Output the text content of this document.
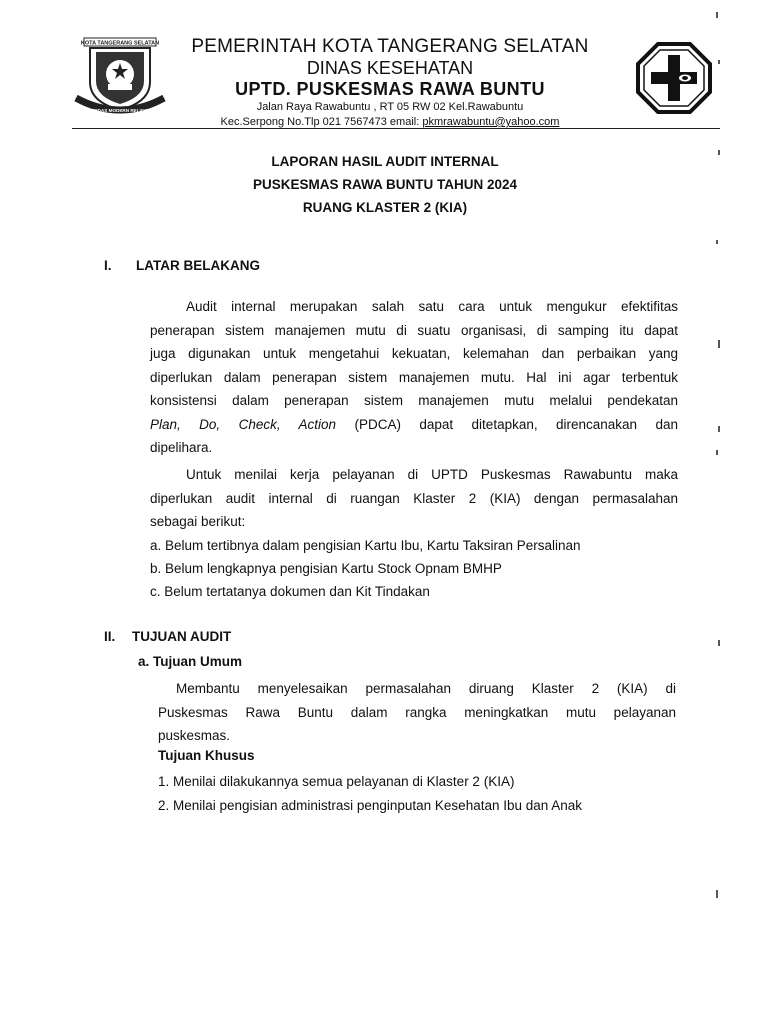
KOTA TANGERANG SELATAN
CERDAS MODERN RELIGIUS
PEMERINTAH KOTA TANGERANG SELATAN
DINAS KESEHATAN
UPTD. PUSKESMAS RAWA BUNTU
Jalan Raya Rawabuntu , RT 05 RW 02 Kel.Rawabuntu
Kec.Serpong No.Tlp 021 7567473 email: pkmrawabuntu@yahoo.com
LAPORAN HASIL AUDIT INTERNAL
PUSKESMAS RAWA BUNTU TAHUN 2024
RUANG KLASTER 2 (KIA)
I. LATAR BELAKANG
Audit internal merupakan salah satu cara untuk mengukur efektifitas
penerapan sistem manajemen mutu di suatu organisasi, di samping itu dapat
juga digunakan untuk mengetahui kekuatan, kelemahan dan perbaikan yang
diperlukan dalam penerapan sistem manajemen mutu. Hal ini agar terbentuk
konsistensi dalam penerapan sistem manajemen mutu melalui pendekatan
Plan, Do, Check, Action (PDCA) dapat ditetapkan, direncanakan dan
dipelihara.
Untuk menilai kerja pelayanan di UPTD Puskesmas Rawabuntu maka
diperlukan audit internal di ruangan Klaster 2 (KIA) dengan permasalahan
sebagai berikut:
a. Belum tertibnya dalam pengisian Kartu Ibu, Kartu Taksiran Persalinan
b. Belum lengkapnya pengisian Kartu Stock Opnam BMHP
c. Belum tertatanya dokumen dan Kit Tindakan
II. TUJUAN AUDIT
a. Tujuan Umum
Membantu menyelesaikan permasalahan diruang Klaster 2 (KIA) di
Puskesmas Rawa Buntu dalam rangka meningkatkan mutu pelayanan
puskesmas.
Tujuan Khusus
1. Menilai dilakukannya semua pelayanan di Klaster 2 (KIA)
2. Menilai pengisian administrasi penginputan Kesehatan Ibu dan Anak
